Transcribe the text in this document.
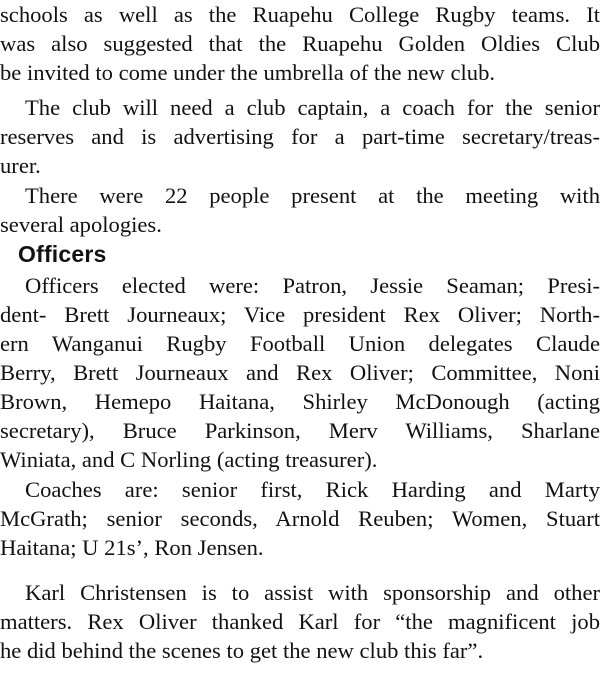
schools as well as the Ruapehu College Rugby teams. It
was also suggested that the Ruapehu Golden Oldies Club
be invited to come under the umbrella of the new club.

The club will need a club captain, a coach for the senior
reserves and is advertising for a part-time secretary/treas-
urer.

There were 22 people present at the meeting with
several apologies.

Officers

Officers elected were: Patron, Jessie Seaman; Presi-
dent- Brett Journeaux; Vice president Rex Oliver; North-
ern Wanganui Rugby Football Union delegates Claude
Berry, Brett Journeaux and Rex Oliver; Committee, Noni
Brown, Hemepo Haitana, Shirley McDonough (acting
secretary), Bruce Parkinson, Merv Williams, Sharlane
Winiata, and C Norling (acting treasurer).

Coaches are: senior first, Rick Harding and Marty
McGrath; senior seconds, Arnold Reuben; Women, Stuart
Haitana; U 21s’, Ron Jensen.

Karl Christensen is to assist with sponsorship and other
matters. Rex Oliver thanked Karl for “the magnificent job
he did behind the scenes to get the new club this far”.
